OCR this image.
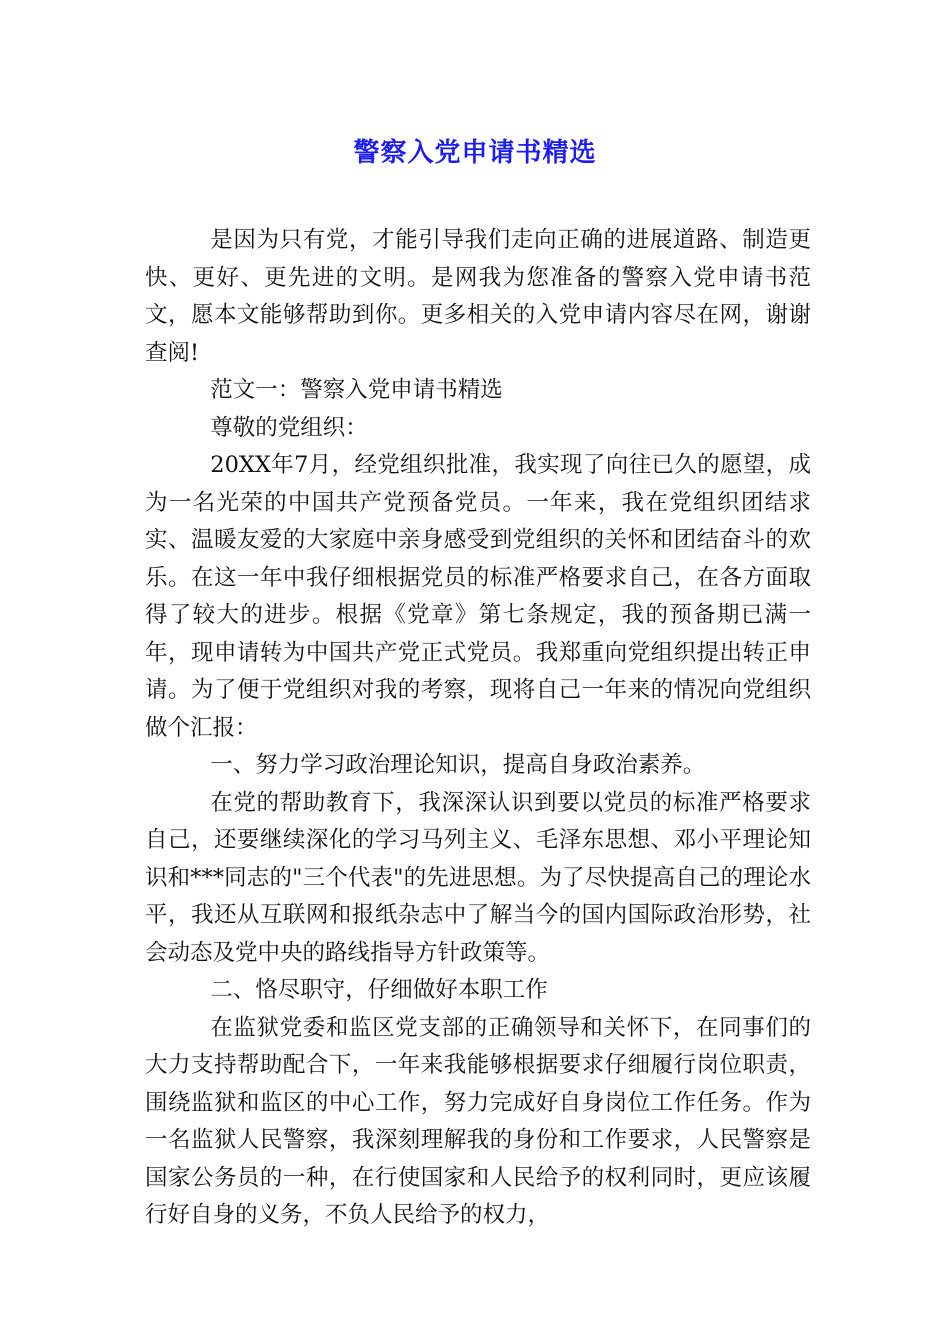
警察入党申请书精选

是因为只有党，才能引导我们走向正确的进展道路、制造更快、更好、更先进的文明。是网我为您准备的警察入党申请书范文，愿本文能够帮助到你。更多相关的入党申请内容尽在网，谢谢查阅!

范文一：警察入党申请书精选

尊敬的党组织：

20XX年7月，经党组织批准，我实现了向往已久的愿望，成为一名光荣的中国共产党预备党员。一年来，我在党组织团结求实、温暖友爱的大家庭中亲身感受到党组织的关怀和团结奋斗的欢乐。在这一年中我仔细根据党员的标准严格要求自己，在各方面取得了较大的进步。根据《党章》第七条规定，我的预备期已满一年，现申请转为中国共产党正式党员。我郑重向党组织提出转正申请。为了便于党组织对我的考察，现将自己一年来的情况向党组织做个汇报：

一、努力学习政治理论知识，提高自身政治素养。

在党的帮助教育下，我深深认识到要以党员的标准严格要求自己，还要继续深化的学习马列主义、毛泽东思想、邓小平理论知识和***同志的"三个代表"的先进思想。为了尽快提高自己的理论水平，我还从互联网和报纸杂志中了解当今的国内国际政治形势，社会动态及党中央的路线指导方针政策等。

二、恪尽职守，仔细做好本职工作

在监狱党委和监区党支部的正确领导和关怀下，在同事们的大力支持帮助配合下，一年来我能够根据要求仔细履行岗位职责，围绕监狱和监区的中心工作，努力完成好自身岗位工作任务。作为一名监狱人民警察，我深刻理解我的身份和工作要求，人民警察是国家公务员的一种，在行使国家和人民给予的权利同时，更应该履行好自身的义务，不负人民给予的权力，
